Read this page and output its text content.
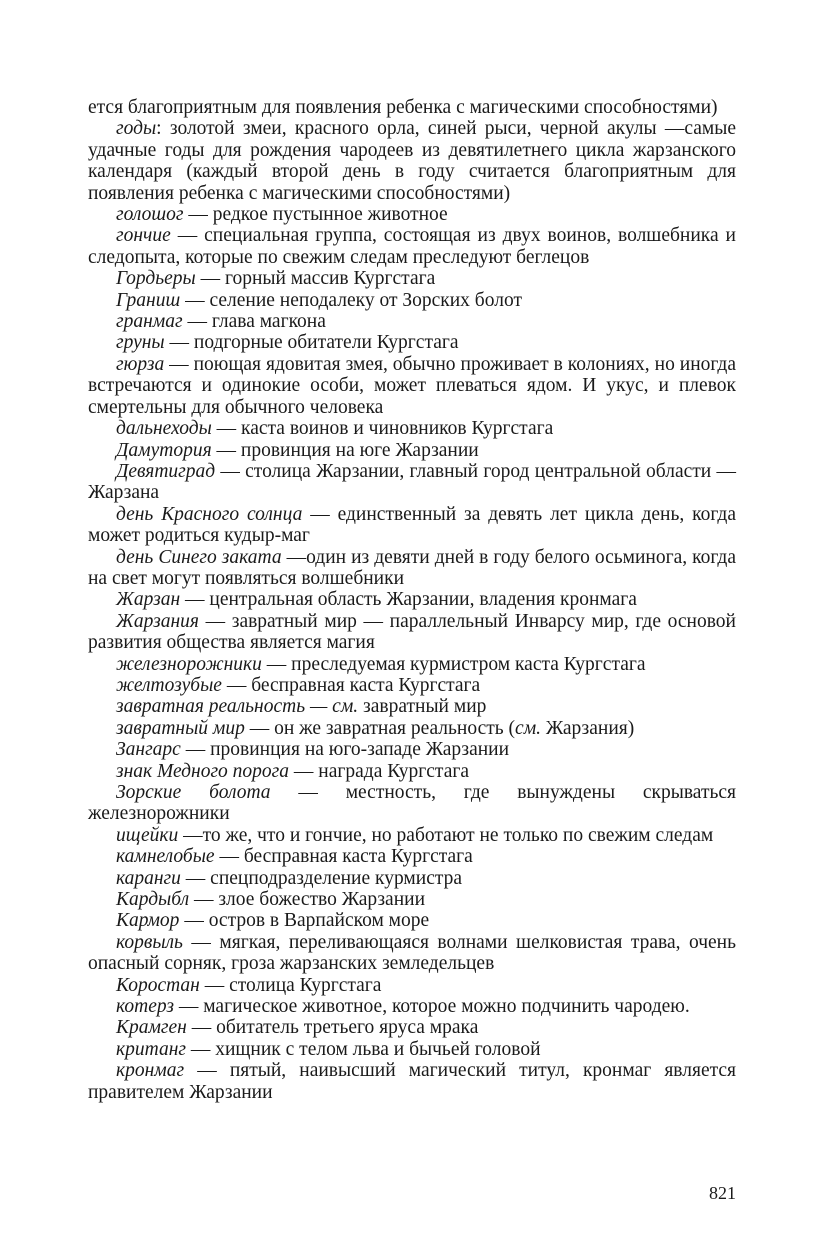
ется благоприятным для появления ребенка с магическими способностями)

годы: золотой змеи, красного орла, синей рыси, черной акулы —самые удачные годы для рождения чародеев из девятилетнего цикла жарзанского календаря (каждый второй день в году считается благоприятным для появления ребенка с магическими способностями)

голошог — редкое пустынное животное

гончие — специальная группа, состоящая из двух воинов, волшебника и следопыта, которые по свежим следам преследуют беглецов

Гордьеры — горный массив Кургстага

Граниш — селение неподалеку от Зорских болот

гранмаг — глава магкона

груны — подгорные обитатели Кургстага

гюрза — поющая ядовитая змея, обычно проживает в колониях, но иногда встречаются и одинокие особи, может плеваться ядом. И укус, и плевок смертельны для обычного человека

дальнеходы — каста воинов и чиновников Кургстага

Дамутория — провинция на юге Жарзании

Девятиград — столица Жарзании, главный город центральной области — Жарзана

день Красного солнца — единственный за девять лет цикла день, когда может родиться кудыр-маг

день Синего заката —один из девяти дней в году белого осьминога, когда на свет могут появляться волшебники

Жарзан — центральная область Жарзании, владения кронмага

Жарзания — завратный мир — параллельный Инварсу мир, где основой развития общества является магия

железнорожники — преследуемая курмистром каста Кургстага

желтозубые — бесправная каста Кургстага

завратная реальность — см. завратный мир

завратный мир — он же завратная реальность (см. Жарзания)

Зангарс — провинция на юго-западе Жарзании

знак Медного порога — награда Кургстага

Зорские болота — местность, где вынуждены скрываться железнорожники

ищейки —то же, что и гончие, но работают не только по свежим следам

камнелобые — бесправная каста Кургстага

каранги — спецподразделение курмистра

Кардыбл — злое божество Жарзании

Кармор — остров в Варпайском море

корвыль — мягкая, переливающаяся волнами шелковистая трава, очень опасный сорняк, гроза жарзанских земледельцев

Коростан — столица Кургстага

котерз — магическое животное, которое можно подчинить чародею.

Крамген — обитатель третьего яруса мрака

кританг — хищник с телом льва и бычьей головой

кронмаг — пятый, наивысший магический титул, кронмаг является правителем Жарзании

821
